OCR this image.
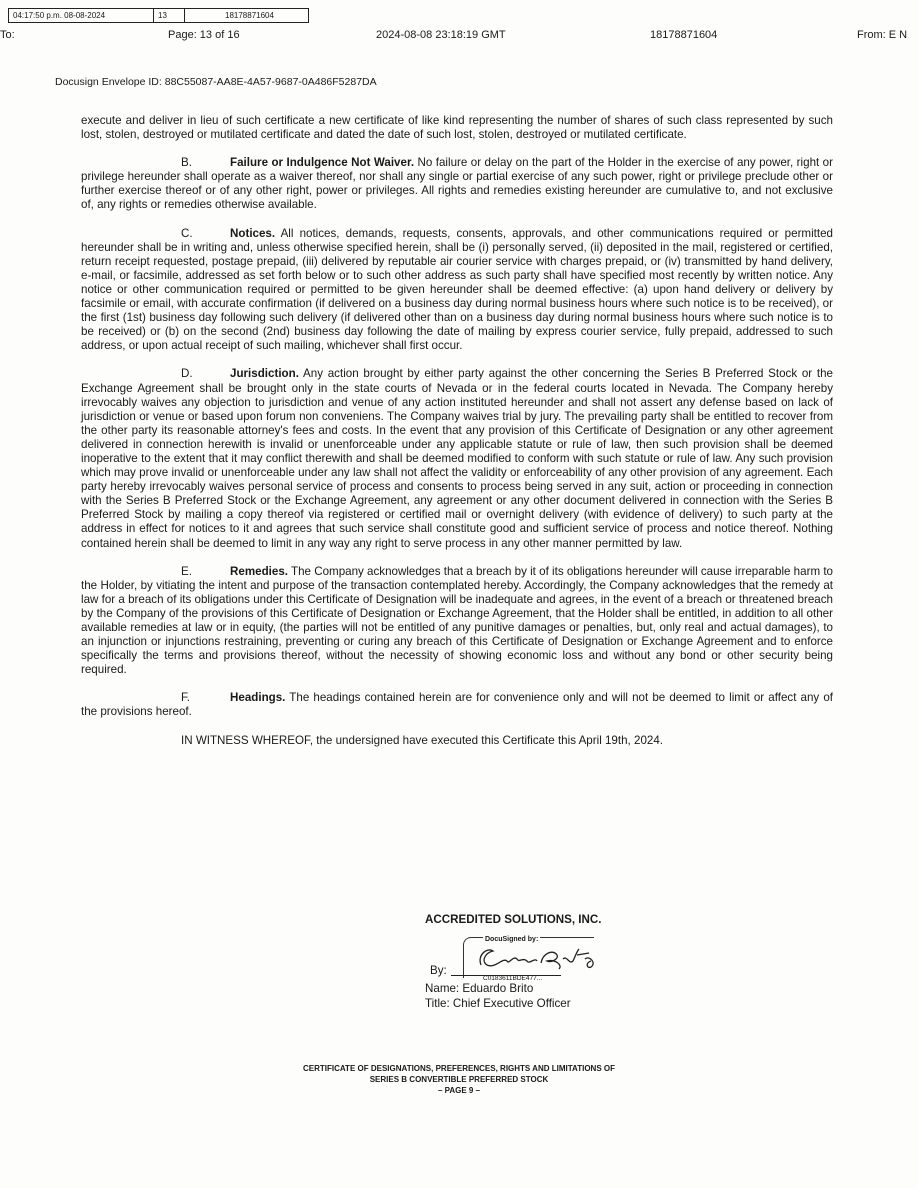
04:17:50 p.m. 08-08-2024	13	18178871604
To:	Page: 13 of 16	2024-08-08 23:18:19 GMT	18178871604	From: E N
Docusign Envelope ID: 88C55087-AA8E-4A57-9687-0A486F5287DA

execute and deliver in lieu of such certificate a new certificate of like kind representing the number of shares of such class represented by such lost, stolen, destroyed or mutilated certificate and dated the date of such lost, stolen, destroyed or mutilated certificate.

B.	Failure or Indulgence Not Waiver. No failure or delay on the part of the Holder in the exercise of any power, right or privilege hereunder shall operate as a waiver thereof, nor shall any single or partial exercise of any such power, right or privilege preclude other or further exercise thereof or of any other right, power or privileges. All rights and remedies existing hereunder are cumulative to, and not exclusive of, any rights or remedies otherwise available.

C.	Notices. All notices, demands, requests, consents, approvals, and other communications required or permitted hereunder shall be in writing and, unless otherwise specified herein, shall be (i) personally served, (ii) deposited in the mail, registered or certified, return receipt requested, postage prepaid, (iii) delivered by reputable air courier service with charges prepaid, or (iv) transmitted by hand delivery, e-mail, or facsimile, addressed as set forth below or to such other address as such party shall have specified most recently by written notice. Any notice or other communication required or permitted to be given hereunder shall be deemed effective: (a) upon hand delivery or delivery by facsimile or email, with accurate confirmation (if delivered on a business day during normal business hours where such notice is to be received), or the first (1st) business day following such delivery (if delivered other than on a business day during normal business hours where such notice is to be received) or (b) on the second (2nd) business day following the date of mailing by express courier service, fully prepaid, addressed to such address, or upon actual receipt of such mailing, whichever shall first occur.

D.	Jurisdiction. Any action brought by either party against the other concerning the Series B Preferred Stock or the Exchange Agreement shall be brought only in the state courts of Nevada or in the federal courts located in Nevada. The Company hereby irrevocably waives any objection to jurisdiction and venue of any action instituted hereunder and shall not assert any defense based on lack of jurisdiction or venue or based upon forum non conveniens. The Company waives trial by jury. The prevailing party shall be entitled to recover from the other party its reasonable attorney's fees and costs. In the event that any provision of this Certificate of Designation or any other agreement delivered in connection herewith is invalid or unenforceable under any applicable statute or rule of law, then such provision shall be deemed inoperative to the extent that it may conflict therewith and shall be deemed modified to conform with such statute or rule of law. Any such provision which may prove invalid or unenforceable under any law shall not affect the validity or enforceability of any other provision of any agreement. Each party hereby irrevocably waives personal service of process and consents to process being served in any suit, action or proceeding in connection with the Series B Preferred Stock or the Exchange Agreement, any agreement or any other document delivered in connection with the Series B Preferred Stock by mailing a copy thereof via registered or certified mail or overnight delivery (with evidence of delivery) to such party at the address in effect for notices to it and agrees that such service shall constitute good and sufficient service of process and notice thereof. Nothing contained herein shall be deemed to limit in any way any right to serve process in any other manner permitted by law.

E.	Remedies. The Company acknowledges that a breach by it of its obligations hereunder will cause irreparable harm to the Holder, by vitiating the intent and purpose of the transaction contemplated hereby. Accordingly, the Company acknowledges that the remedy at law for a breach of its obligations under this Certificate of Designation will be inadequate and agrees, in the event of a breach or threatened breach by the Company of the provisions of this Certificate of Designation or Exchange Agreement, that the Holder shall be entitled, in addition to all other available remedies at law or in equity, (the parties will not be entitled of any punitive damages or penalties, but, only real and actual damages), to an injunction or injunctions restraining, preventing or curing any breach of this Certificate of Designation or Exchange Agreement and to enforce specifically the terms and provisions thereof, without the necessity of showing economic loss and without any bond or other security being required.

F.	Headings. The headings contained herein are for convenience only and will not be deemed to limit or affect any of the provisions hereof.

IN WITNESS WHEREOF, the undersigned have executed this Certificate this April 19th, 2024.

ACCREDITED SOLUTIONS, INC.
DocuSigned by:
C0183611BDE477...
By:

Name: Eduardo Brito

Title: Chief Executive Officer

CERTIFICATE OF DESIGNATIONS, PREFERENCES, RIGHTS AND LIMITATIONS OF
SERIES B CONVERTIBLE PREFERRED STOCK
– PAGE 9 –
